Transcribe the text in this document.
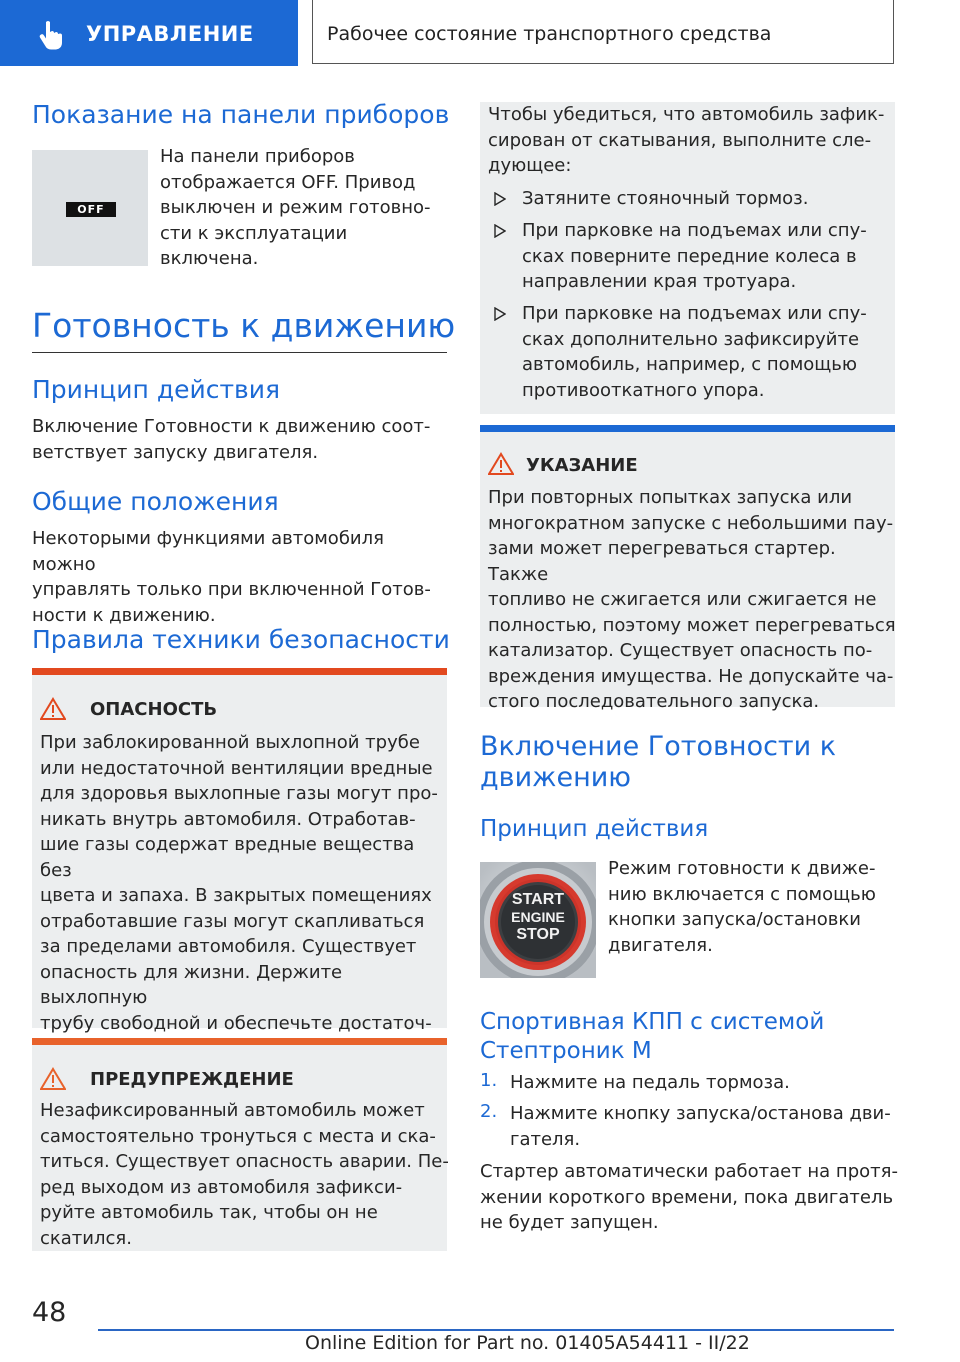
УПРАВЛЕНИЕ	Рабочее состояние транспортного средства
Показание на панели приборов
OFF

На панели приборов

отображается OFF. Привод

выключен и режим готовно-

сти к эксплуатации включена.

Готовность к движению
Принцип действия

Включение Готовности к движению соот-

ветствует запуску двигателя.

Общие положения

Некоторыми функциями автомобиля можно

управлять только при включенной Готов-

ности к движению.

Правила техники безопасности
ОПАСНОСТЬ

При заблокированной выхлопной трубе

или недостаточной вентиляции вредные

для здоровья выхлопные газы могут про-

никать внутрь автомобиля. Отработав-

шие газы содержат вредные вещества без

цвета и запаха. В закрытых помещениях

отработавшие газы могут скапливаться

за пределами автомобиля. Существует

опасность для жизни. Держите выхлопную

трубу свободной и обеспечьте достаточ-

ПРЕДУПРЕЖДЕНИЕ

Незафиксированный автомобиль может

самостоятельно тронуться с места и ска-

титься. Существует опасность аварии. Пе-

ред выходом из автомобиля зафикси-

руйте автомобиль так, чтобы он не

скатился.

Чтобы убедиться, что автомобиль зафик-

сирован от скатывания, выполните сле-

дующее:

Затяните стояночный тормоз.

При парковке на подъемах или спу-

сках поверните передние колеса в

направлении края тротуара.

При парковке на подъемах или спу-

сках дополнительно зафиксируйте

автомобиль, например, с помощью

противооткатного упора.

УКАЗАНИЕ

При повторных попытках запуска или

многократном запуске с небольшими пау-

зами может перегреваться стартер. Также

топливо не сжигается или сжигается не

полностью, поэтому может перегреваться

катализатор. Существует опасность по-

вреждения имущества. Не допускайте ча-

стого последовательного запуска.

Включение Готовности к
движению
Принцип действия
START
ENGINE
STOP

Режим готовности к движе-

нию включается с помощью

кнопки запуска/остановки

двигателя.

Спортивная КПП с системой
Стептроник M
1. Нажмите на педаль тормоза.

2. Нажмите кнопку запуска/останова дви-

гателя.

Стартер автоматически работает на протя-

жении короткого времени, пока двигатель

не будет запущен.

48
Online Edition for Part no. 01405A54411 - II/22
